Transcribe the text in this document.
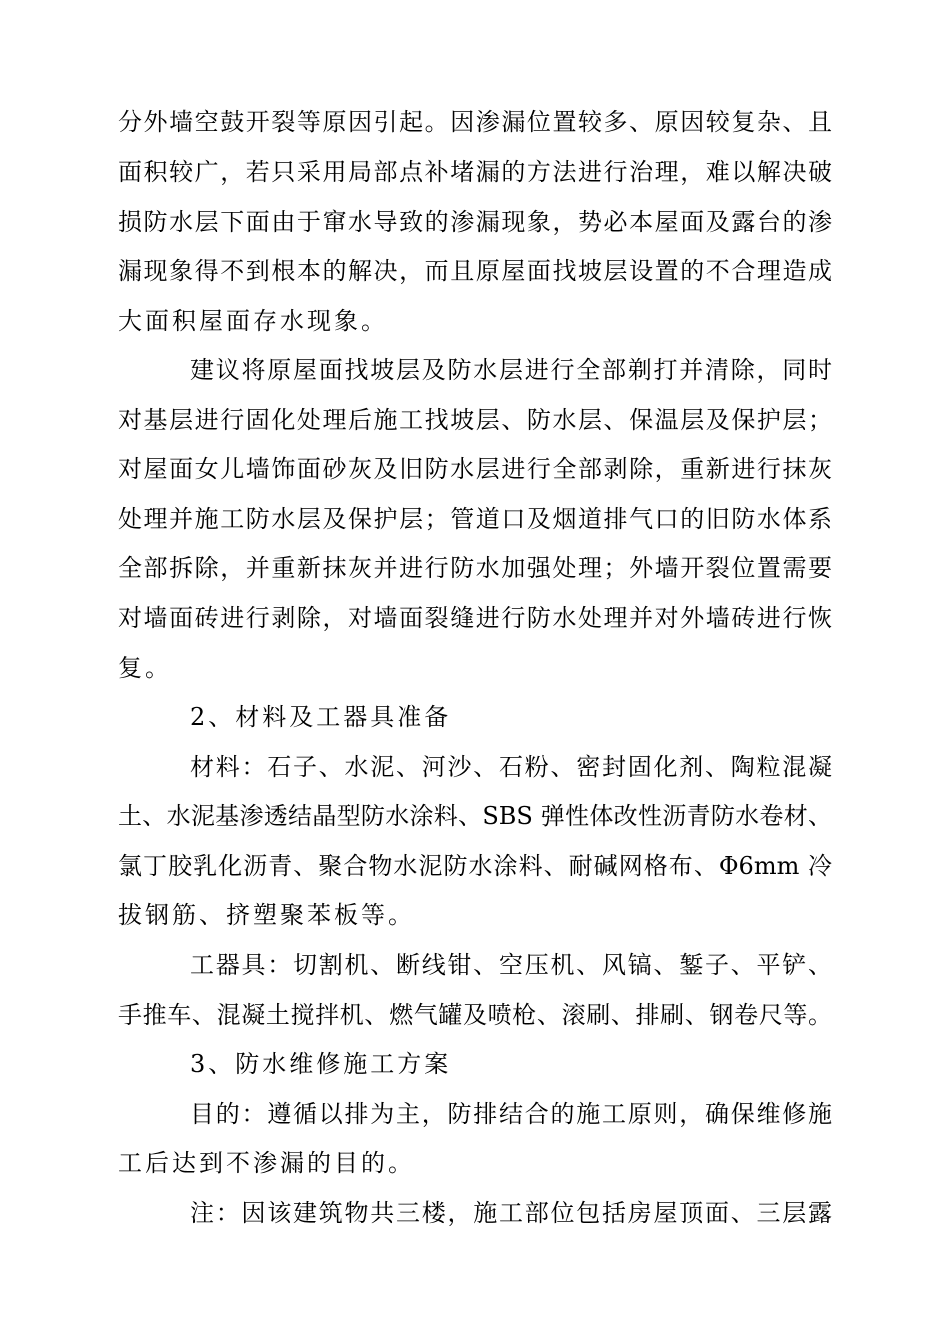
分外墙空鼓开裂等原因引起。因渗漏位置较多、原因较复杂、且
面积较广，若只采用局部点补堵漏的方法进行治理，难以解决破
损防水层下面由于窜水导致的渗漏现象，势必本屋面及露台的渗
漏现象得不到根本的解决，而且原屋面找坡层设置的不合理造成
大面积屋面存水现象。
建议将原屋面找坡层及防水层进行全部剃打并清除，同时
对基层进行固化处理后施工找坡层、防水层、保温层及保护层；
对屋面女儿墙饰面砂灰及旧防水层进行全部剥除，重新进行抹灰
处理并施工防水层及保护层；管道口及烟道排气口的旧防水体系
全部拆除，并重新抹灰并进行防水加强处理；外墙开裂位置需要
对墙面砖进行剥除，对墙面裂缝进行防水处理并对外墙砖进行恢
复。
2、材料及工器具准备
材料：石子、水泥、河沙、石粉、密封固化剂、陶粒混凝
土、水泥基渗透结晶型防水涂料、SBS 弹性体改性沥青防水卷材、
氯丁胶乳化沥青、聚合物水泥防水涂料、耐碱网格布、Φ6mm 冷
拔钢筋、挤塑聚苯板等。
工器具：切割机、断线钳、空压机、风镐、錾子、平铲、
手推车、混凝土搅拌机、燃气罐及喷枪、滚刷、排刷、钢卷尺等。
3、防水维修施工方案
目的：遵循以排为主，防排结合的施工原则，确保维修施
工后达到不渗漏的目的。
注：因该建筑物共三楼，施工部位包括房屋顶面、三层露
